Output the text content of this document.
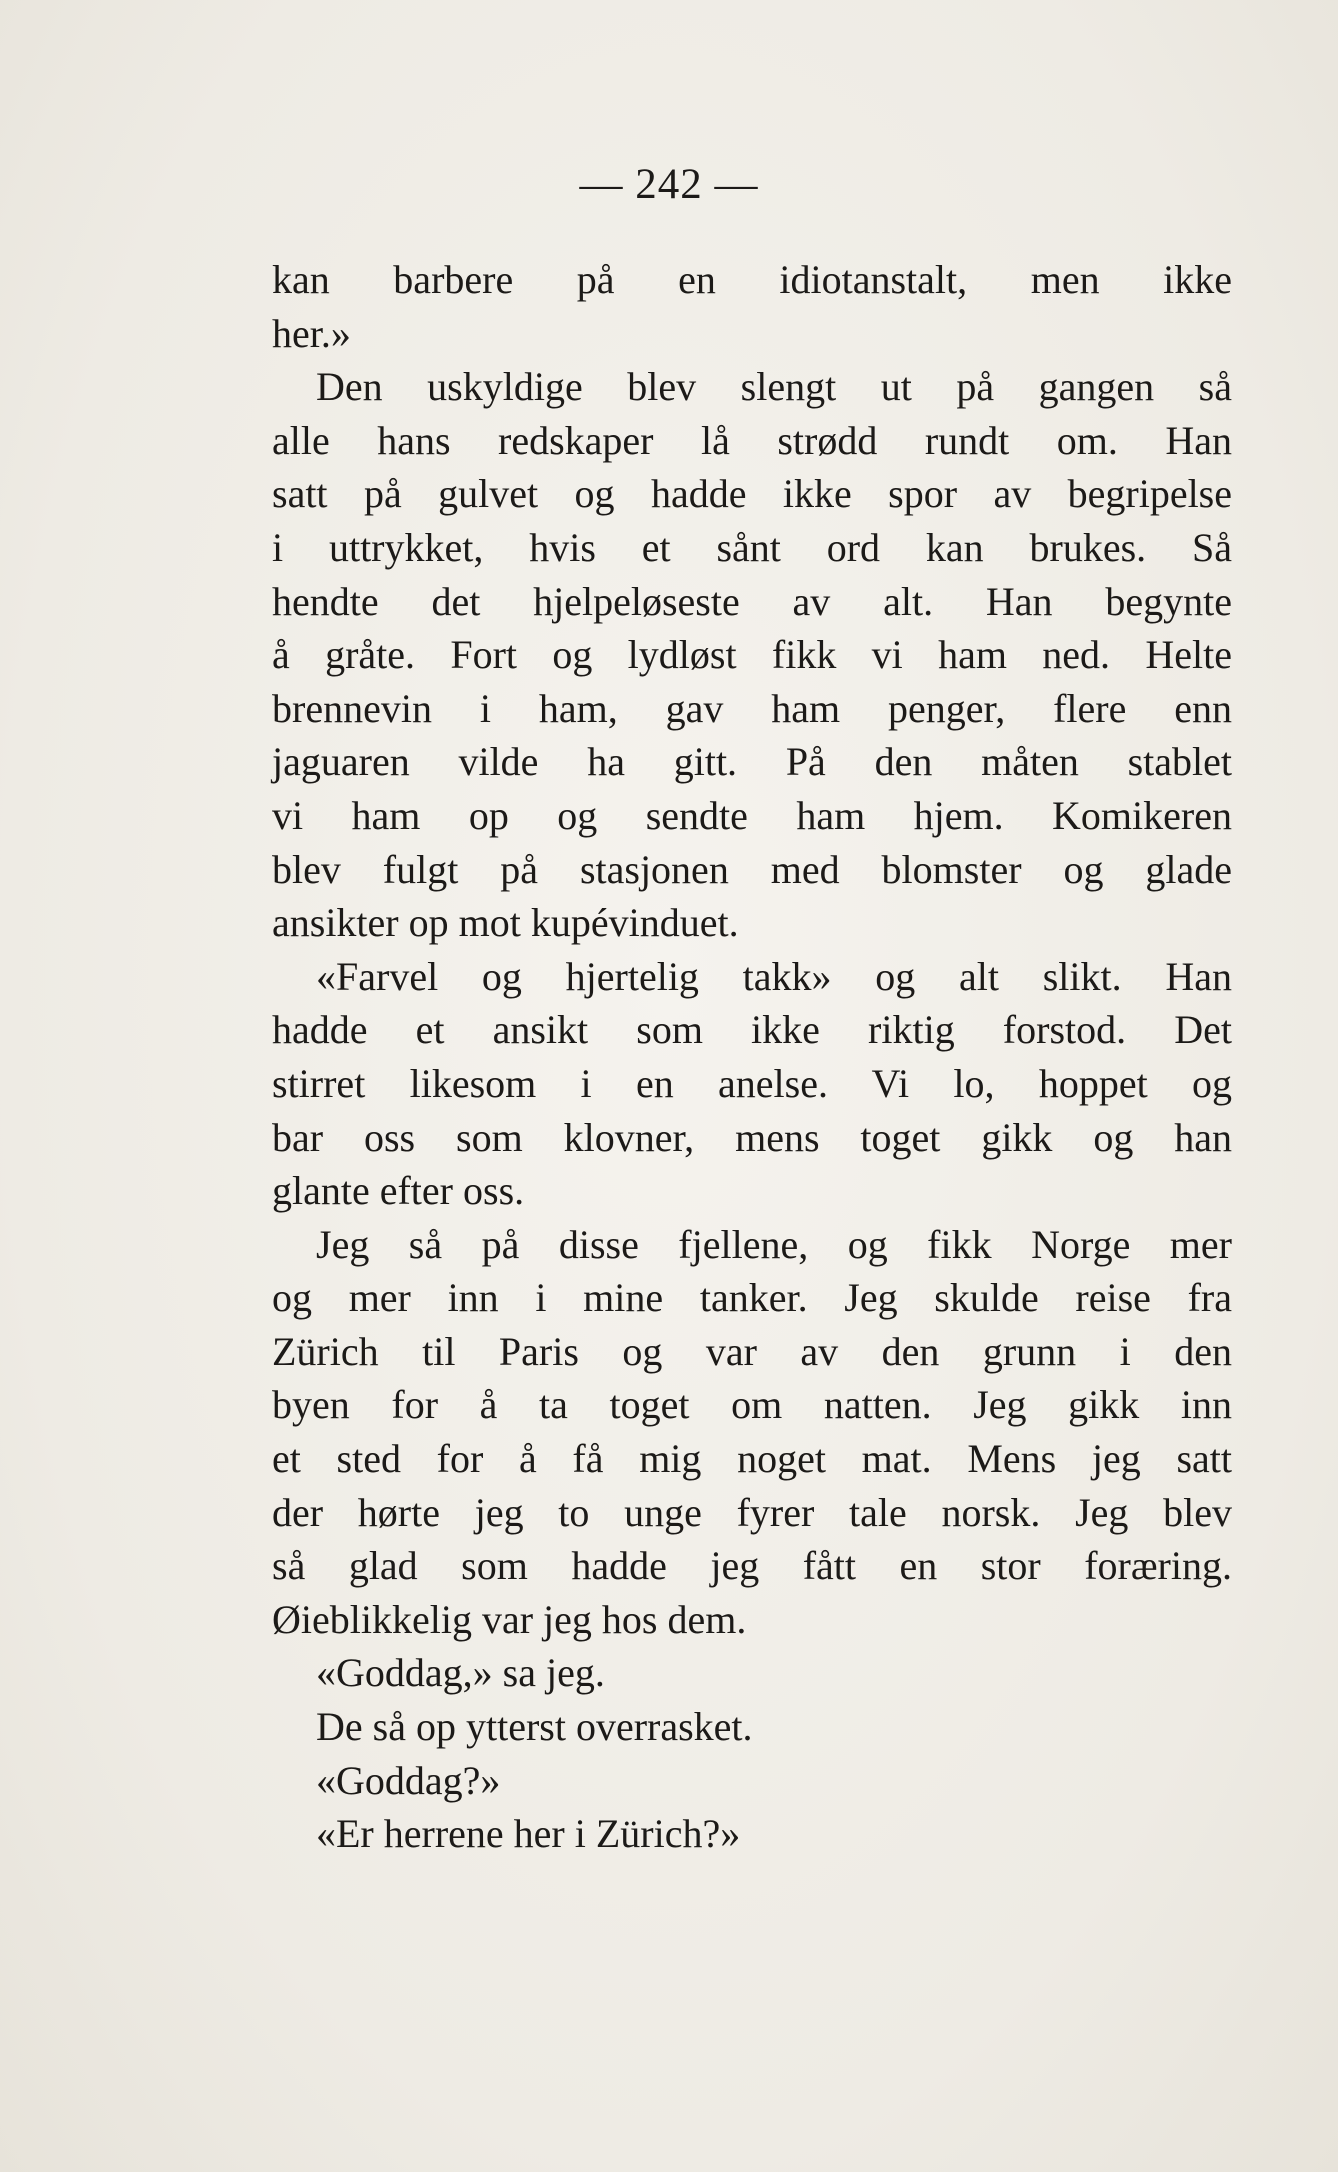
— 242 —
kan barbere på en idiotanstalt, men ikke
her.»
Den uskyldige blev slengt ut på gangen så
alle hans redskaper lå strødd rundt om. Han
satt på gulvet og hadde ikke spor av begripelse
i uttrykket, hvis et sånt ord kan brukes. Så
hendte det hjelpeløseste av alt. Han begynte
å gråte. Fort og lydløst fikk vi ham ned. Helte
brennevin i ham, gav ham penger, flere enn
jaguaren vilde ha gitt. På den måten stablet
vi ham op og sendte ham hjem. Komikeren
blev fulgt på stasjonen med blomster og glade
ansikter op mot kupévinduet.
«Farvel og hjertelig takk» og alt slikt. Han
hadde et ansikt som ikke riktig forstod. Det
stirret likesom i en anelse. Vi lo, hoppet og
bar oss som klovner, mens toget gikk og han
glante efter oss.
Jeg så på disse fjellene, og fikk Norge mer
og mer inn i mine tanker. Jeg skulde reise fra
Zürich til Paris og var av den grunn i den
byen for å ta toget om natten. Jeg gikk inn
et sted for å få mig noget mat. Mens jeg satt
der hørte jeg to unge fyrer tale norsk. Jeg blev
så glad som hadde jeg fått en stor foræring.
Øieblikkelig var jeg hos dem.
«Goddag,» sa jeg.
De så op ytterst overrasket.
«Goddag?»
«Er herrene her i Zürich?»
